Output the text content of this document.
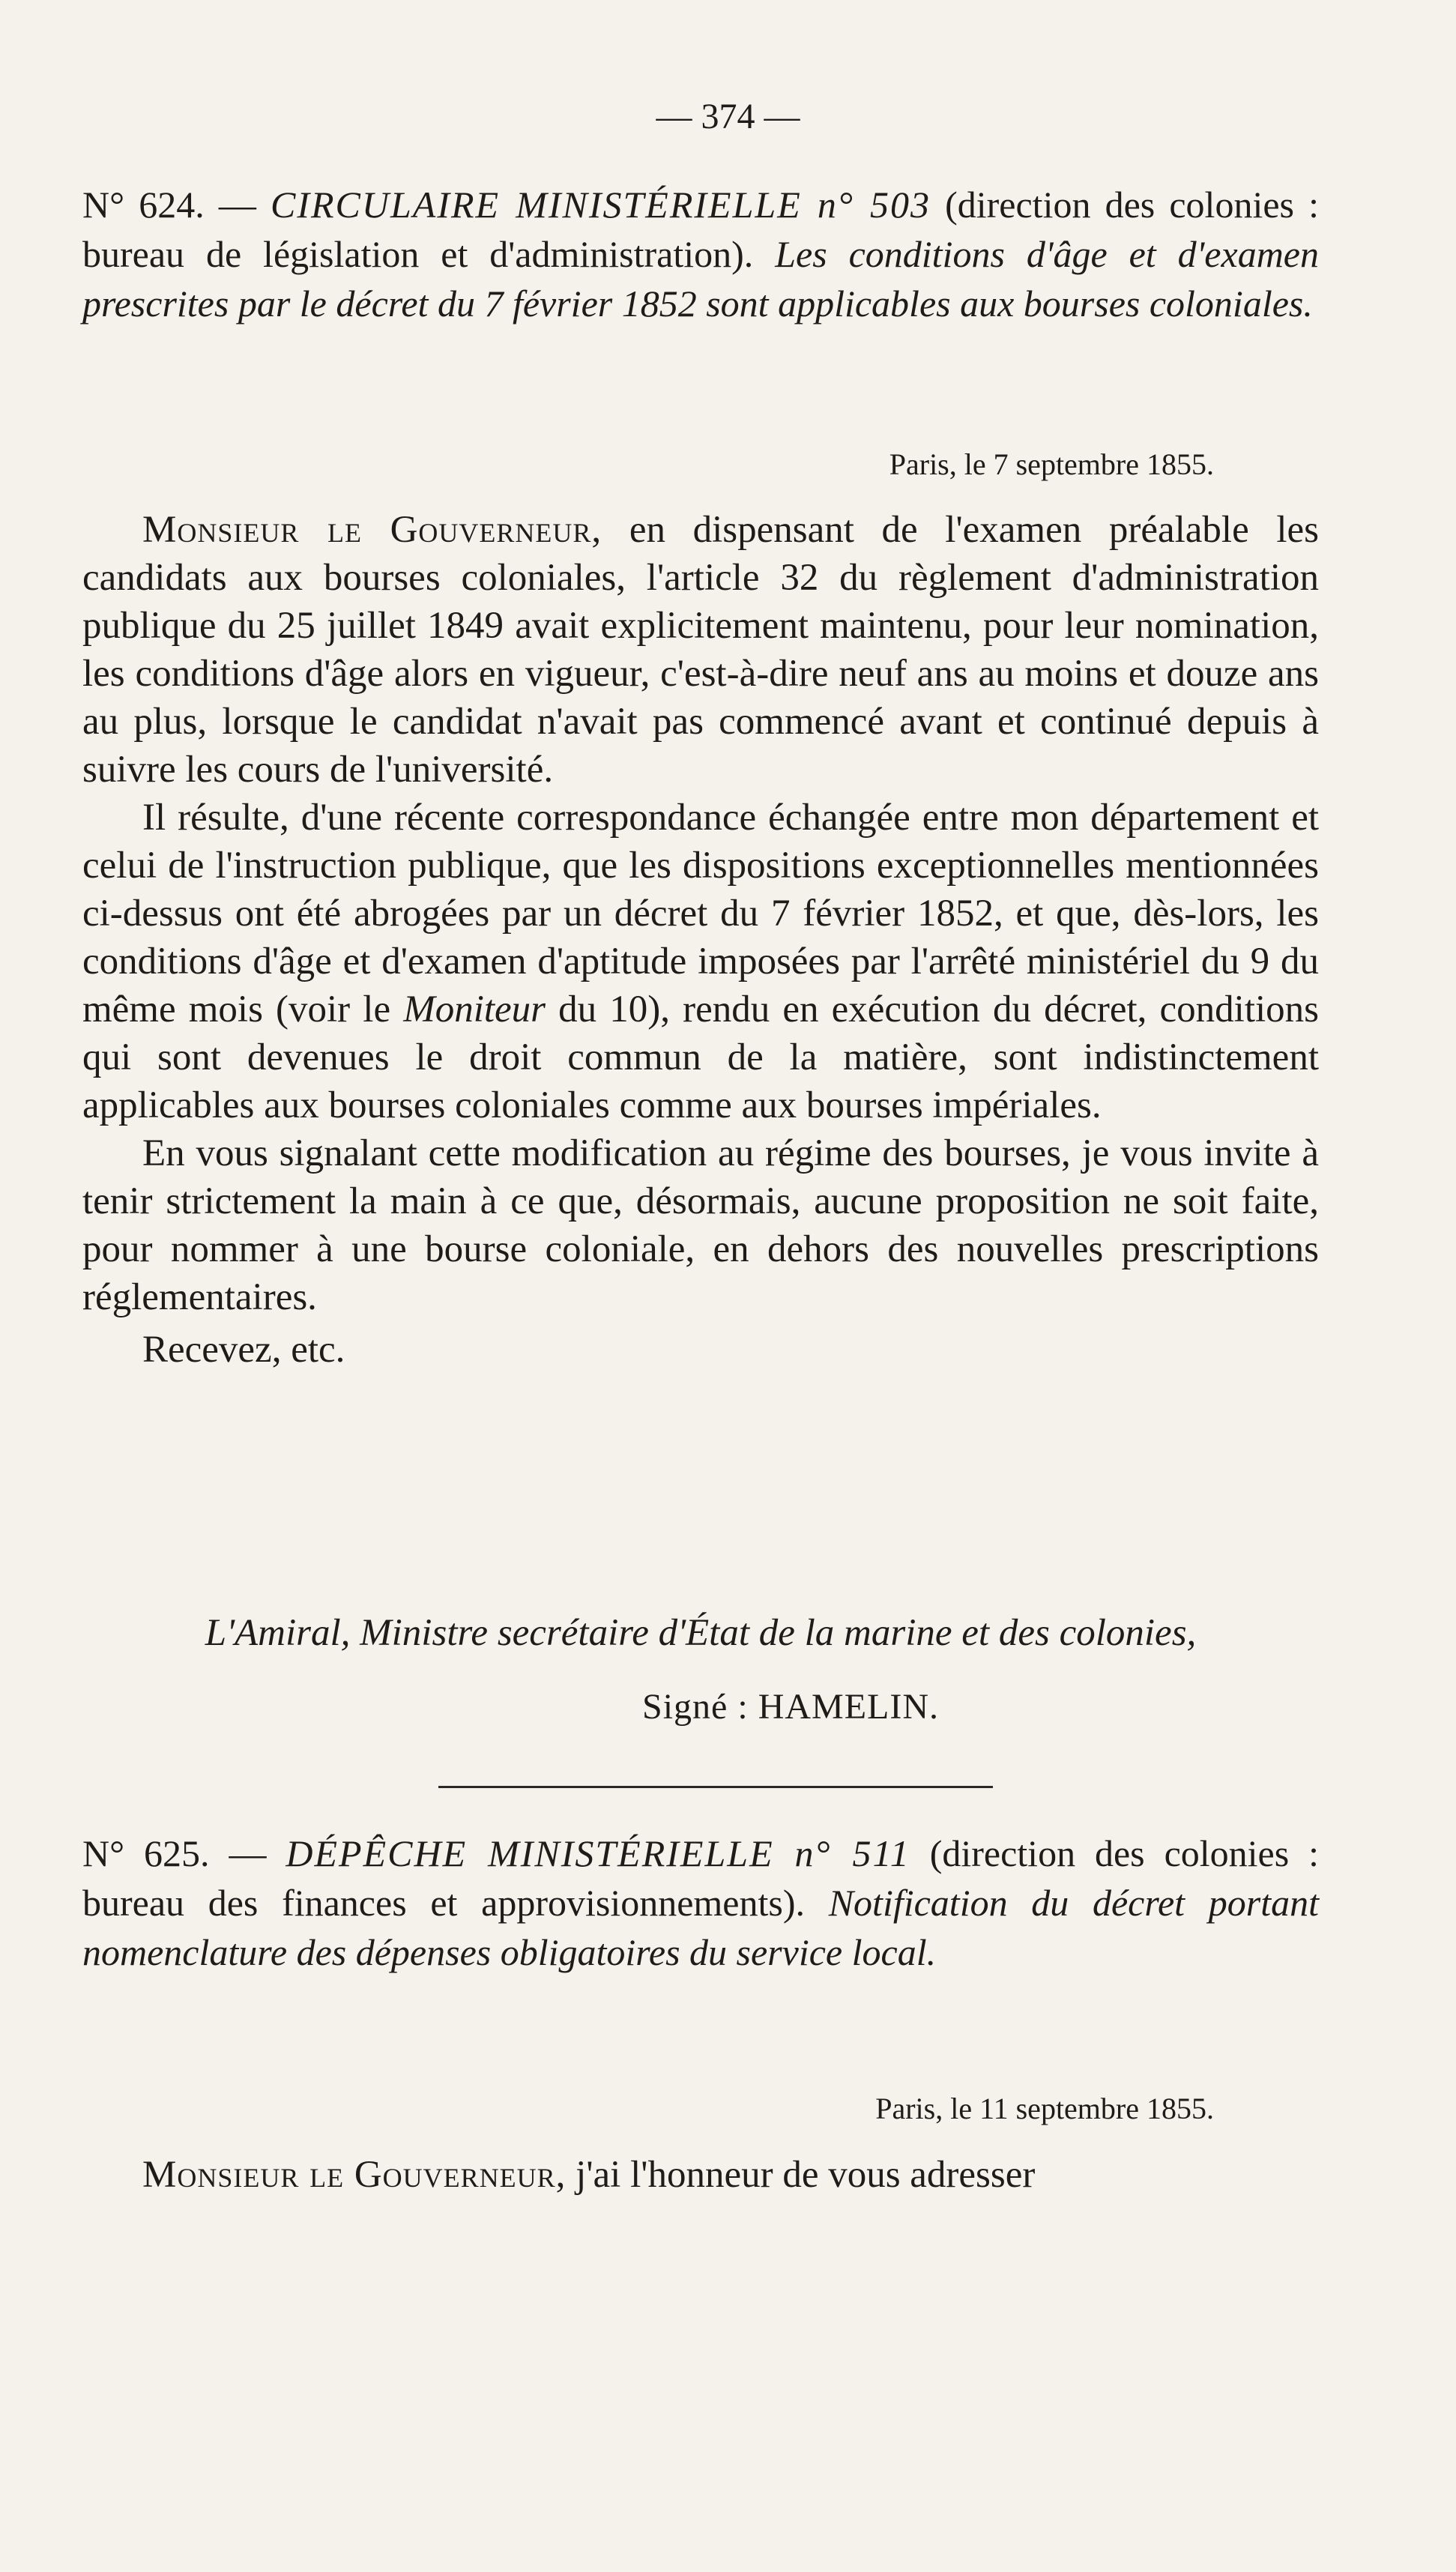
— 374 —
N° 624. — CIRCULAIRE MINISTÉRIELLE n° 503 (direction des colonies : bureau de législation et d'administration). Les conditions d'âge et d'examen prescrites par le décret du 7 février 1852 sont applicables aux bourses coloniales.
Paris, le 7 septembre 1855.

Monsieur le Gouverneur, en dispensant de l'examen préalable les candidats aux bourses coloniales, l'article 32 du règlement d'administration publique du 25 juillet 1849 avait explicitement maintenu, pour leur nomination, les conditions d'âge alors en vigueur, c'est-à-dire neuf ans au moins et douze ans au plus, lorsque le candidat n'avait pas commencé avant et continué depuis à suivre les cours de l'université.

Il résulte, d'une récente correspondance échangée entre mon département et celui de l'instruction publique, que les dispositions exceptionnelles mentionnées ci-dessus ont été abrogées par un décret du 7 février 1852, et que, dès-lors, les conditions d'âge et d'examen d'aptitude imposées par l'arrêté ministériel du 9 du même mois (voir le Moniteur du 10), rendu en exécution du décret, conditions qui sont devenues le droit commun de la matière, sont indistinctement applicables aux bourses coloniales comme aux bourses impériales.

En vous signalant cette modification au régime des bourses, je vous invite à tenir strictement la main à ce que, désormais, aucune proposition ne soit faite, pour nommer à une bourse coloniale, en dehors des nouvelles prescriptions réglementaires.

Recevez, etc.

L'Amiral, Ministre secrétaire d'État de la marine et des colonies,
Signé : HAMELIN.
N° 625. — DÉPÊCHE MINISTÉRIELLE n° 511 (direction des colonies : bureau des finances et approvisionnements). Notification du décret portant nomenclature des dépenses obligatoires du service local.
Paris, le 11 septembre 1855.

Monsieur le Gouverneur, j'ai l'honneur de vous adresser
